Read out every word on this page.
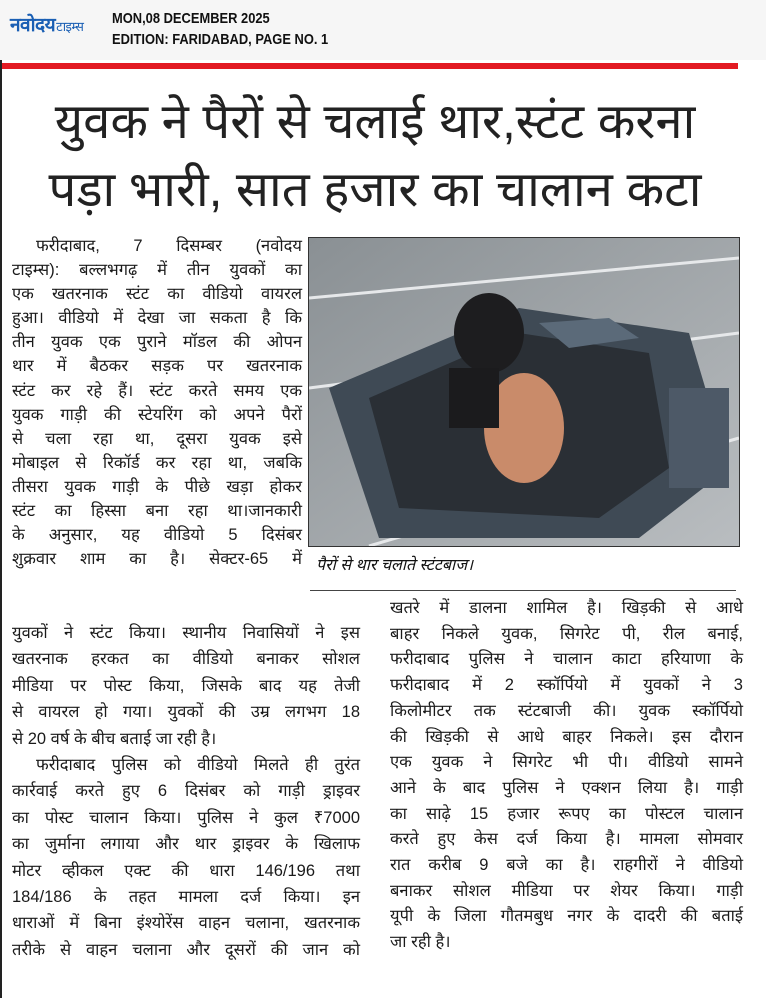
नवोदयटाइम्स MON,08 DECEMBER 2025
EDITION: FARIDABAD, PAGE NO. 1
युवक ने पैरों से चलाई थार,स्टंट करना
पड़ा भारी, सात हजार का चालान कटा
पैरों से थार चलाते स्टंटबाज।
फरीदाबाद, 7 दिसम्बर (नवोदय
टाइम्स): बल्लभगढ़ में तीन युवकों का
एक खतरनाक स्टंट का वीडियो वायरल
हुआ। वीडियो में देखा जा सकता है कि
तीन युवक एक पुराने मॉडल की ओपन
थार में बैठकर सड़क पर खतरनाक
स्टंट कर रहे हैं। स्टंट करते समय एक
युवक गाड़ी की स्टेयरिंग को अपने पैरों
से चला रहा था, दूसरा युवक इसे
मोबाइल से रिकॉर्ड कर रहा था, जबकि
तीसरा युवक गाड़ी के पीछे खड़ा होकर
स्टंट का हिस्सा बना रहा था।जानकारी
के अनुसार, यह वीडियो 5 दिसंबर
शुक्रवार शाम का है। सेक्टर-65 में
युवकों ने स्टंट किया। स्थानीय निवासियों ने इस
खतरनाक हरकत का वीडियो बनाकर सोशल
मीडिया पर पोस्ट किया, जिसके बाद यह तेजी
से वायरल हो गया। युवकों की उम्र लगभग 18
से 20 वर्ष के बीच बताई जा रही है।
फरीदाबाद पुलिस को वीडियो मिलते ही तुरंत
कार्रवाई करते हुए 6 दिसंबर को गाड़ी ड्राइवर
का पोस्ट चालान किया। पुलिस ने कुल ₹7000
का जुर्माना लगाया और थार ड्राइवर के खिलाफ
मोटर व्हीकल एक्ट की धारा 146/196 तथा
184/186 के तहत मामला दर्ज किया। इन
धाराओं में बिना इंश्योरेंस वाहन चलाना, खतरनाक
तरीके से वाहन चलाना और दूसरों की जान को
खतरे में डालना शामिल है। खिड़की से आधे
बाहर निकले युवक, सिगरेट पी, रील बनाई,
फरीदाबाद पुलिस ने चालान काटा हरियाणा के
फरीदाबाद में 2 स्कॉर्पियो में युवकों ने 3
किलोमीटर तक स्टंटबाजी की। युवक स्कॉर्पियो
की खिड़की से आधे बाहर निकले। इस दौरान
एक युवक ने सिगरेट भी पी। वीडियो सामने
आने के बाद पुलिस ने एक्शन लिया है। गाड़ी
का साढ़े 15 हजार रूपए का पोस्टल चालान
करते हुए केस दर्ज किया है। मामला सोमवार
रात करीब 9 बजे का है। राहगीरों ने वीडियो
बनाकर सोशल मीडिया पर शेयर किया। गाड़ी
यूपी के जिला गौतमबुध नगर के दादरी की बताई
जा रही है।
